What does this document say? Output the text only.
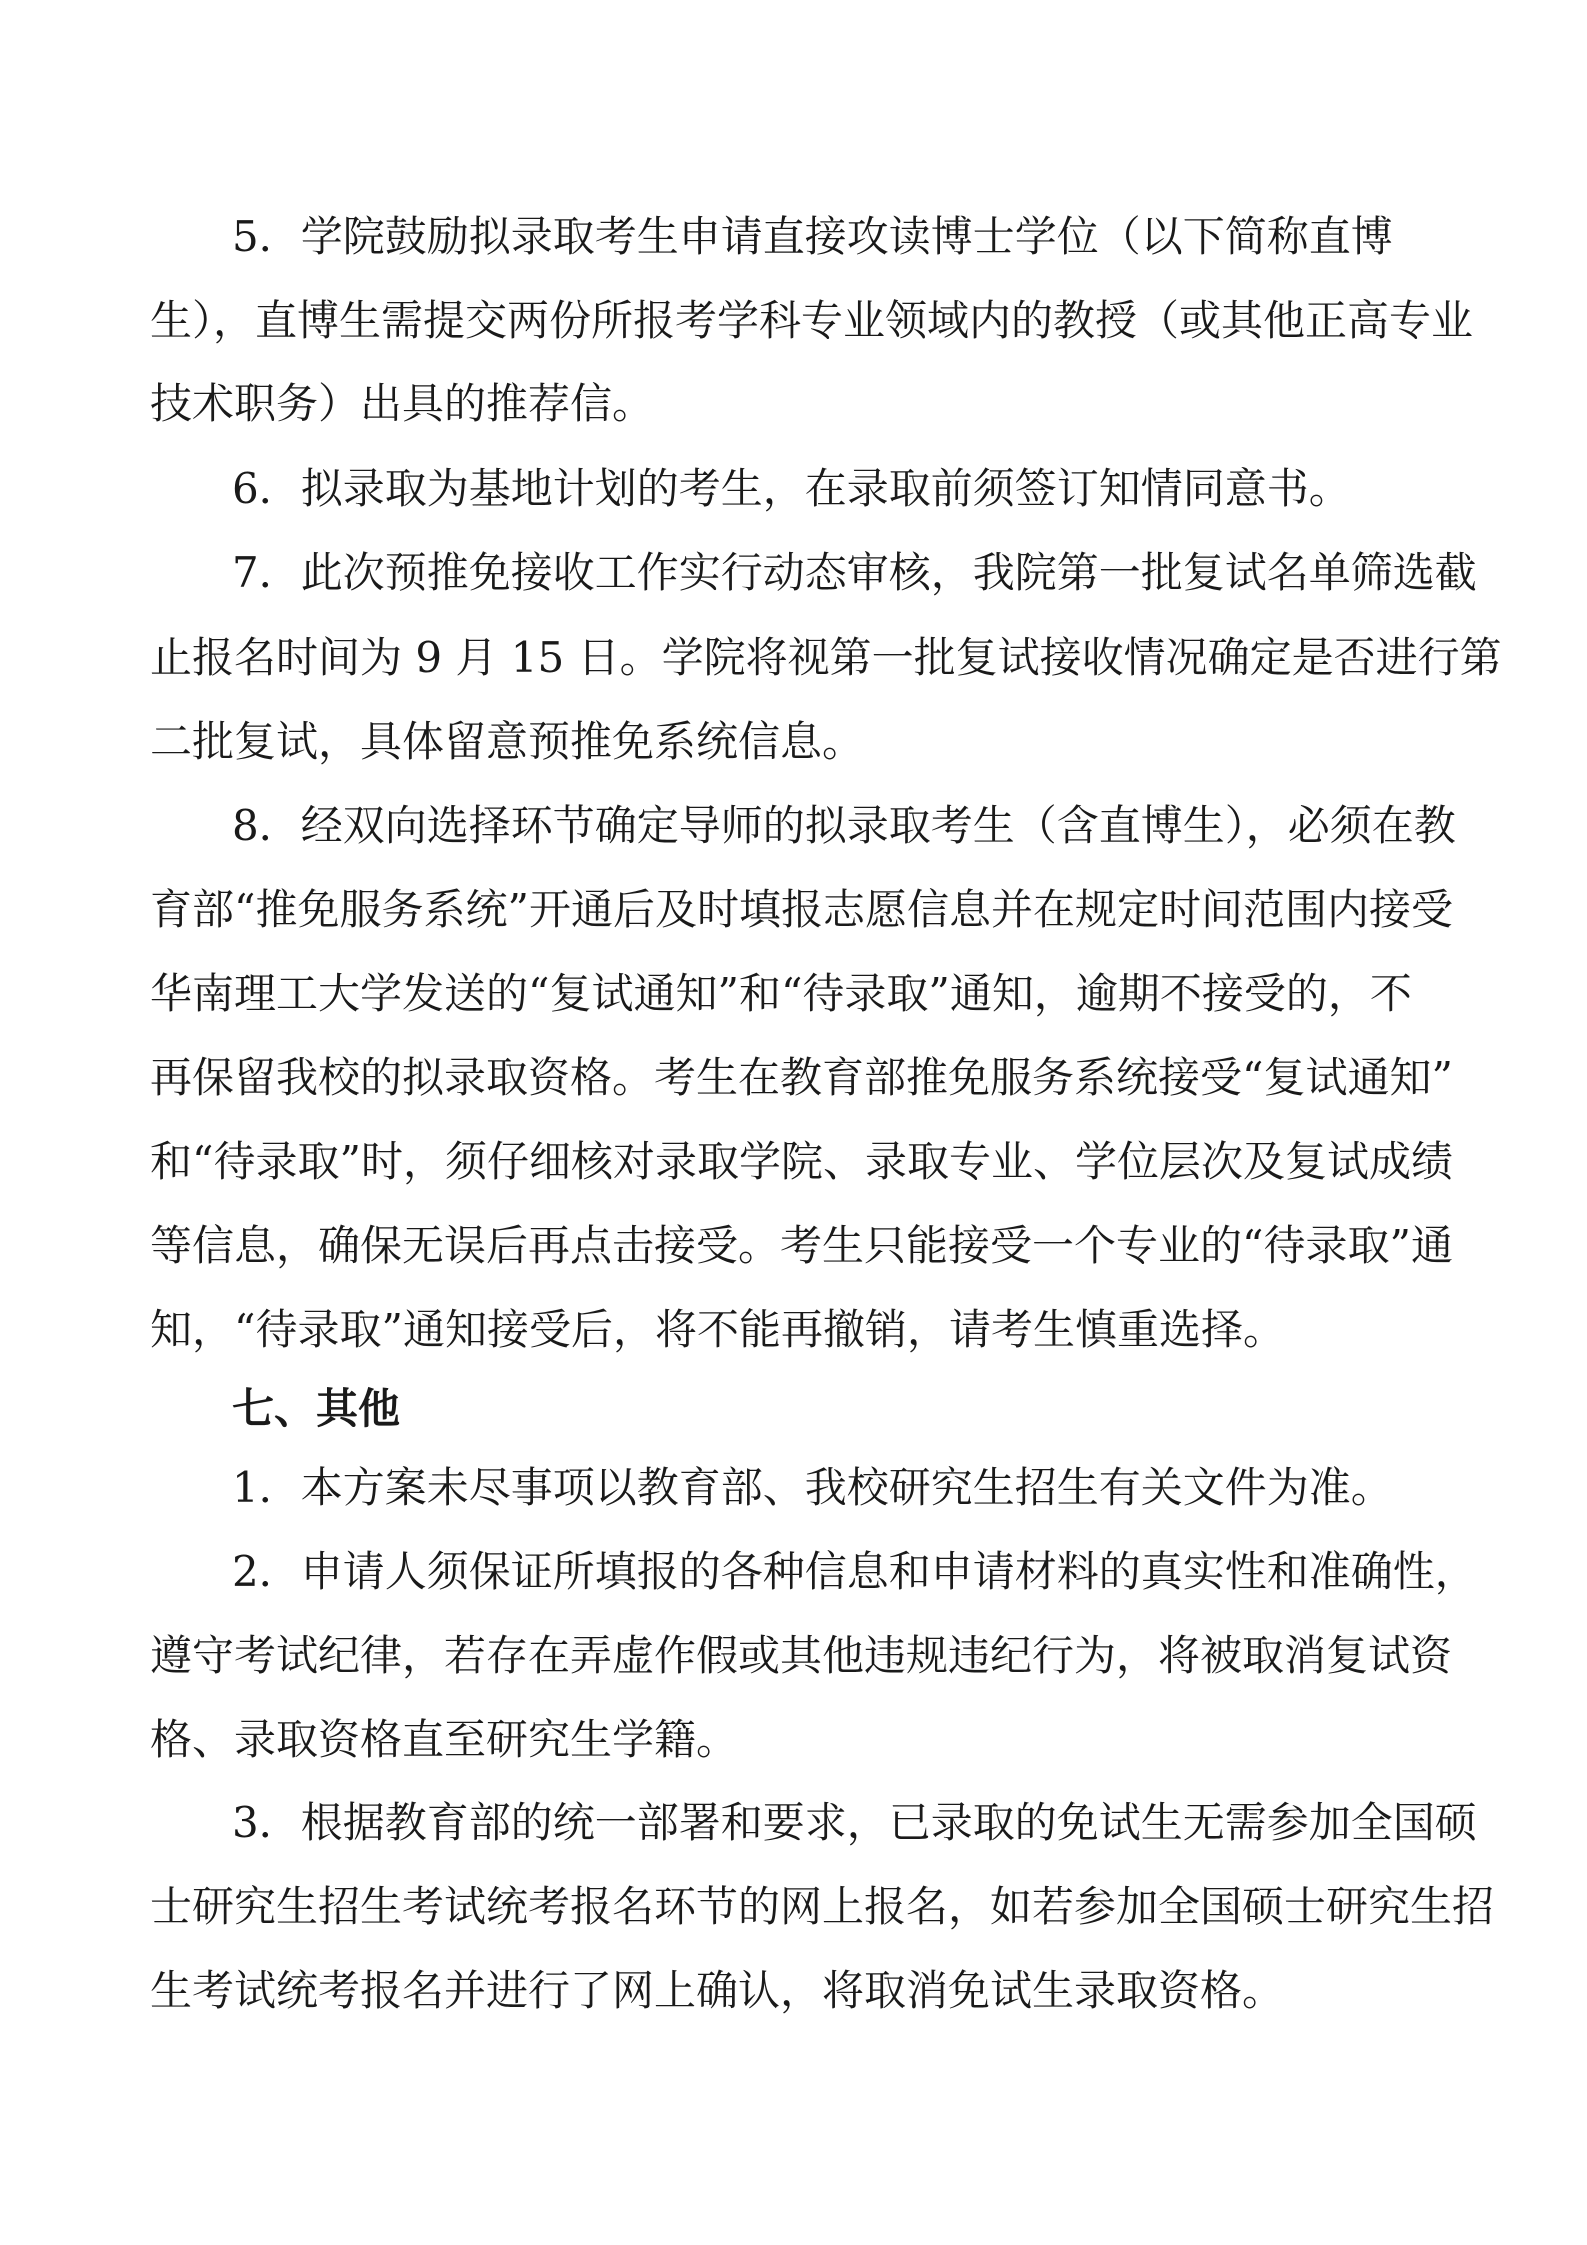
5．学院鼓励拟录取考生申请直接攻读博士学位（以下简称直博
生），直博生需提交两份所报考学科专业领域内的教授（或其他正高专业
技术职务）出具的推荐信。
6．拟录取为基地计划的考生，在录取前须签订知情同意书。
7．此次预推免接收工作实行动态审核，我院第一批复试名单筛选截
止报名时间为 9 月 15 日。学院将视第一批复试接收情况确定是否进行第
二批复试，具体留意预推免系统信息。
8．经双向选择环节确定导师的拟录取考生（含直博生），必须在教
育部“推免服务系统”开通后及时填报志愿信息并在规定时间范围内接受
华南理工大学发送的“复试通知”和“待录取”通知，逾期不接受的，不
再保留我校的拟录取资格。考生在教育部推免服务系统接受“复试通知”
和“待录取”时，须仔细核对录取学院、录取专业、学位层次及复试成绩
等信息，确保无误后再点击接受。考生只能接受一个专业的“待录取”通
知，“待录取”通知接受后，将不能再撤销，请考生慎重选择。
七、其他
1．本方案未尽事项以教育部、我校研究生招生有关文件为准。
2．申请人须保证所填报的各种信息和申请材料的真实性和准确性，
遵守考试纪律，若存在弄虚作假或其他违规违纪行为，将被取消复试资
格、录取资格直至研究生学籍。
3．根据教育部的统一部署和要求，已录取的免试生无需参加全国硕
士研究生招生考试统考报名环节的网上报名，如若参加全国硕士研究生招
生考试统考报名并进行了网上确认，将取消免试生录取资格。
